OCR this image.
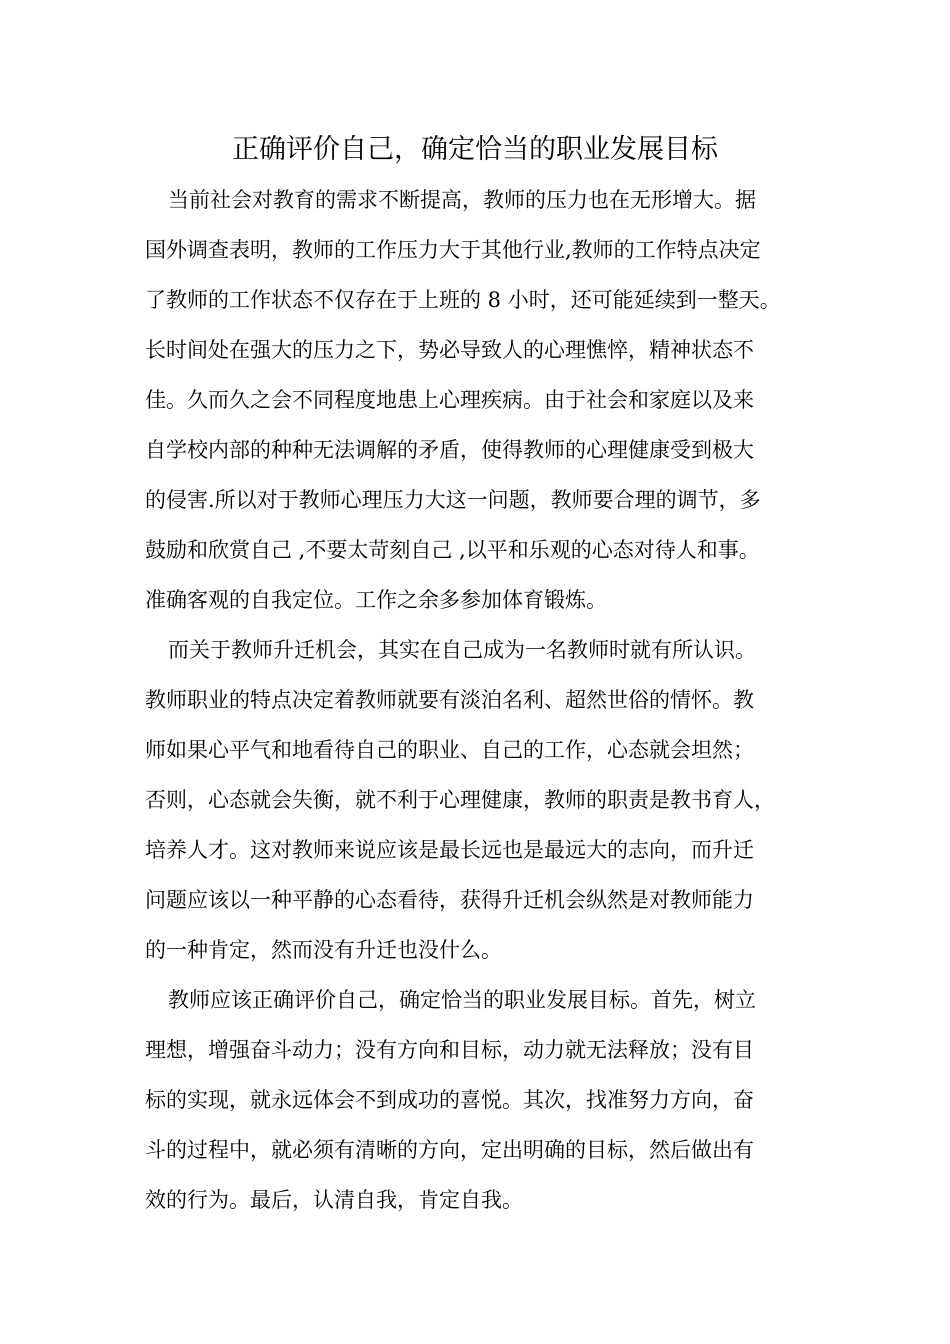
正确评价自己，确定恰当的职业发展目标
当前社会对教育的需求不断提高，教师的压力也在无形增大。据
国外调查表明，教师的工作压力大于其他行业,教师的工作特点决定
了教师的工作状态不仅存在于上班的 8 小时，还可能延续到一整天。
长时间处在强大的压力之下，势必导致人的心理憔悴，精神状态不
佳。久而久之会不同程度地患上心理疾病。由于社会和家庭以及来
自学校内部的种种无法调解的矛盾，使得教师的心理健康受到极大
的侵害.所以对于教师心理压力大这一问题，教师要合理的调节，多
鼓励和欣赏自己 ,不要太苛刻自己 ,以平和乐观的心态对待人和事。
准确客观的自我定位。工作之余多参加体育锻炼。
而关于教师升迁机会，其实在自己成为一名教师时就有所认识。
教师职业的特点决定着教师就要有淡泊名利、超然世俗的情怀。教
师如果心平气和地看待自己的职业、自己的工作，心态就会坦然；
否则，心态就会失衡，就不利于心理健康，教师的职责是教书育人，
培养人才。这对教师来说应该是最长远也是最远大的志向，而升迁
问题应该以一种平静的心态看待，获得升迁机会纵然是对教师能力
的一种肯定，然而没有升迁也没什么。
教师应该正确评价自己，确定恰当的职业发展目标。首先，树立
理想，增强奋斗动力；没有方向和目标，动力就无法释放；没有目
标的实现，就永远体会不到成功的喜悦。其次，找准努力方向，奋
斗的过程中，就必须有清晰的方向，定出明确的目标，然后做出有
效的行为。最后，认清自我，肯定自我。
